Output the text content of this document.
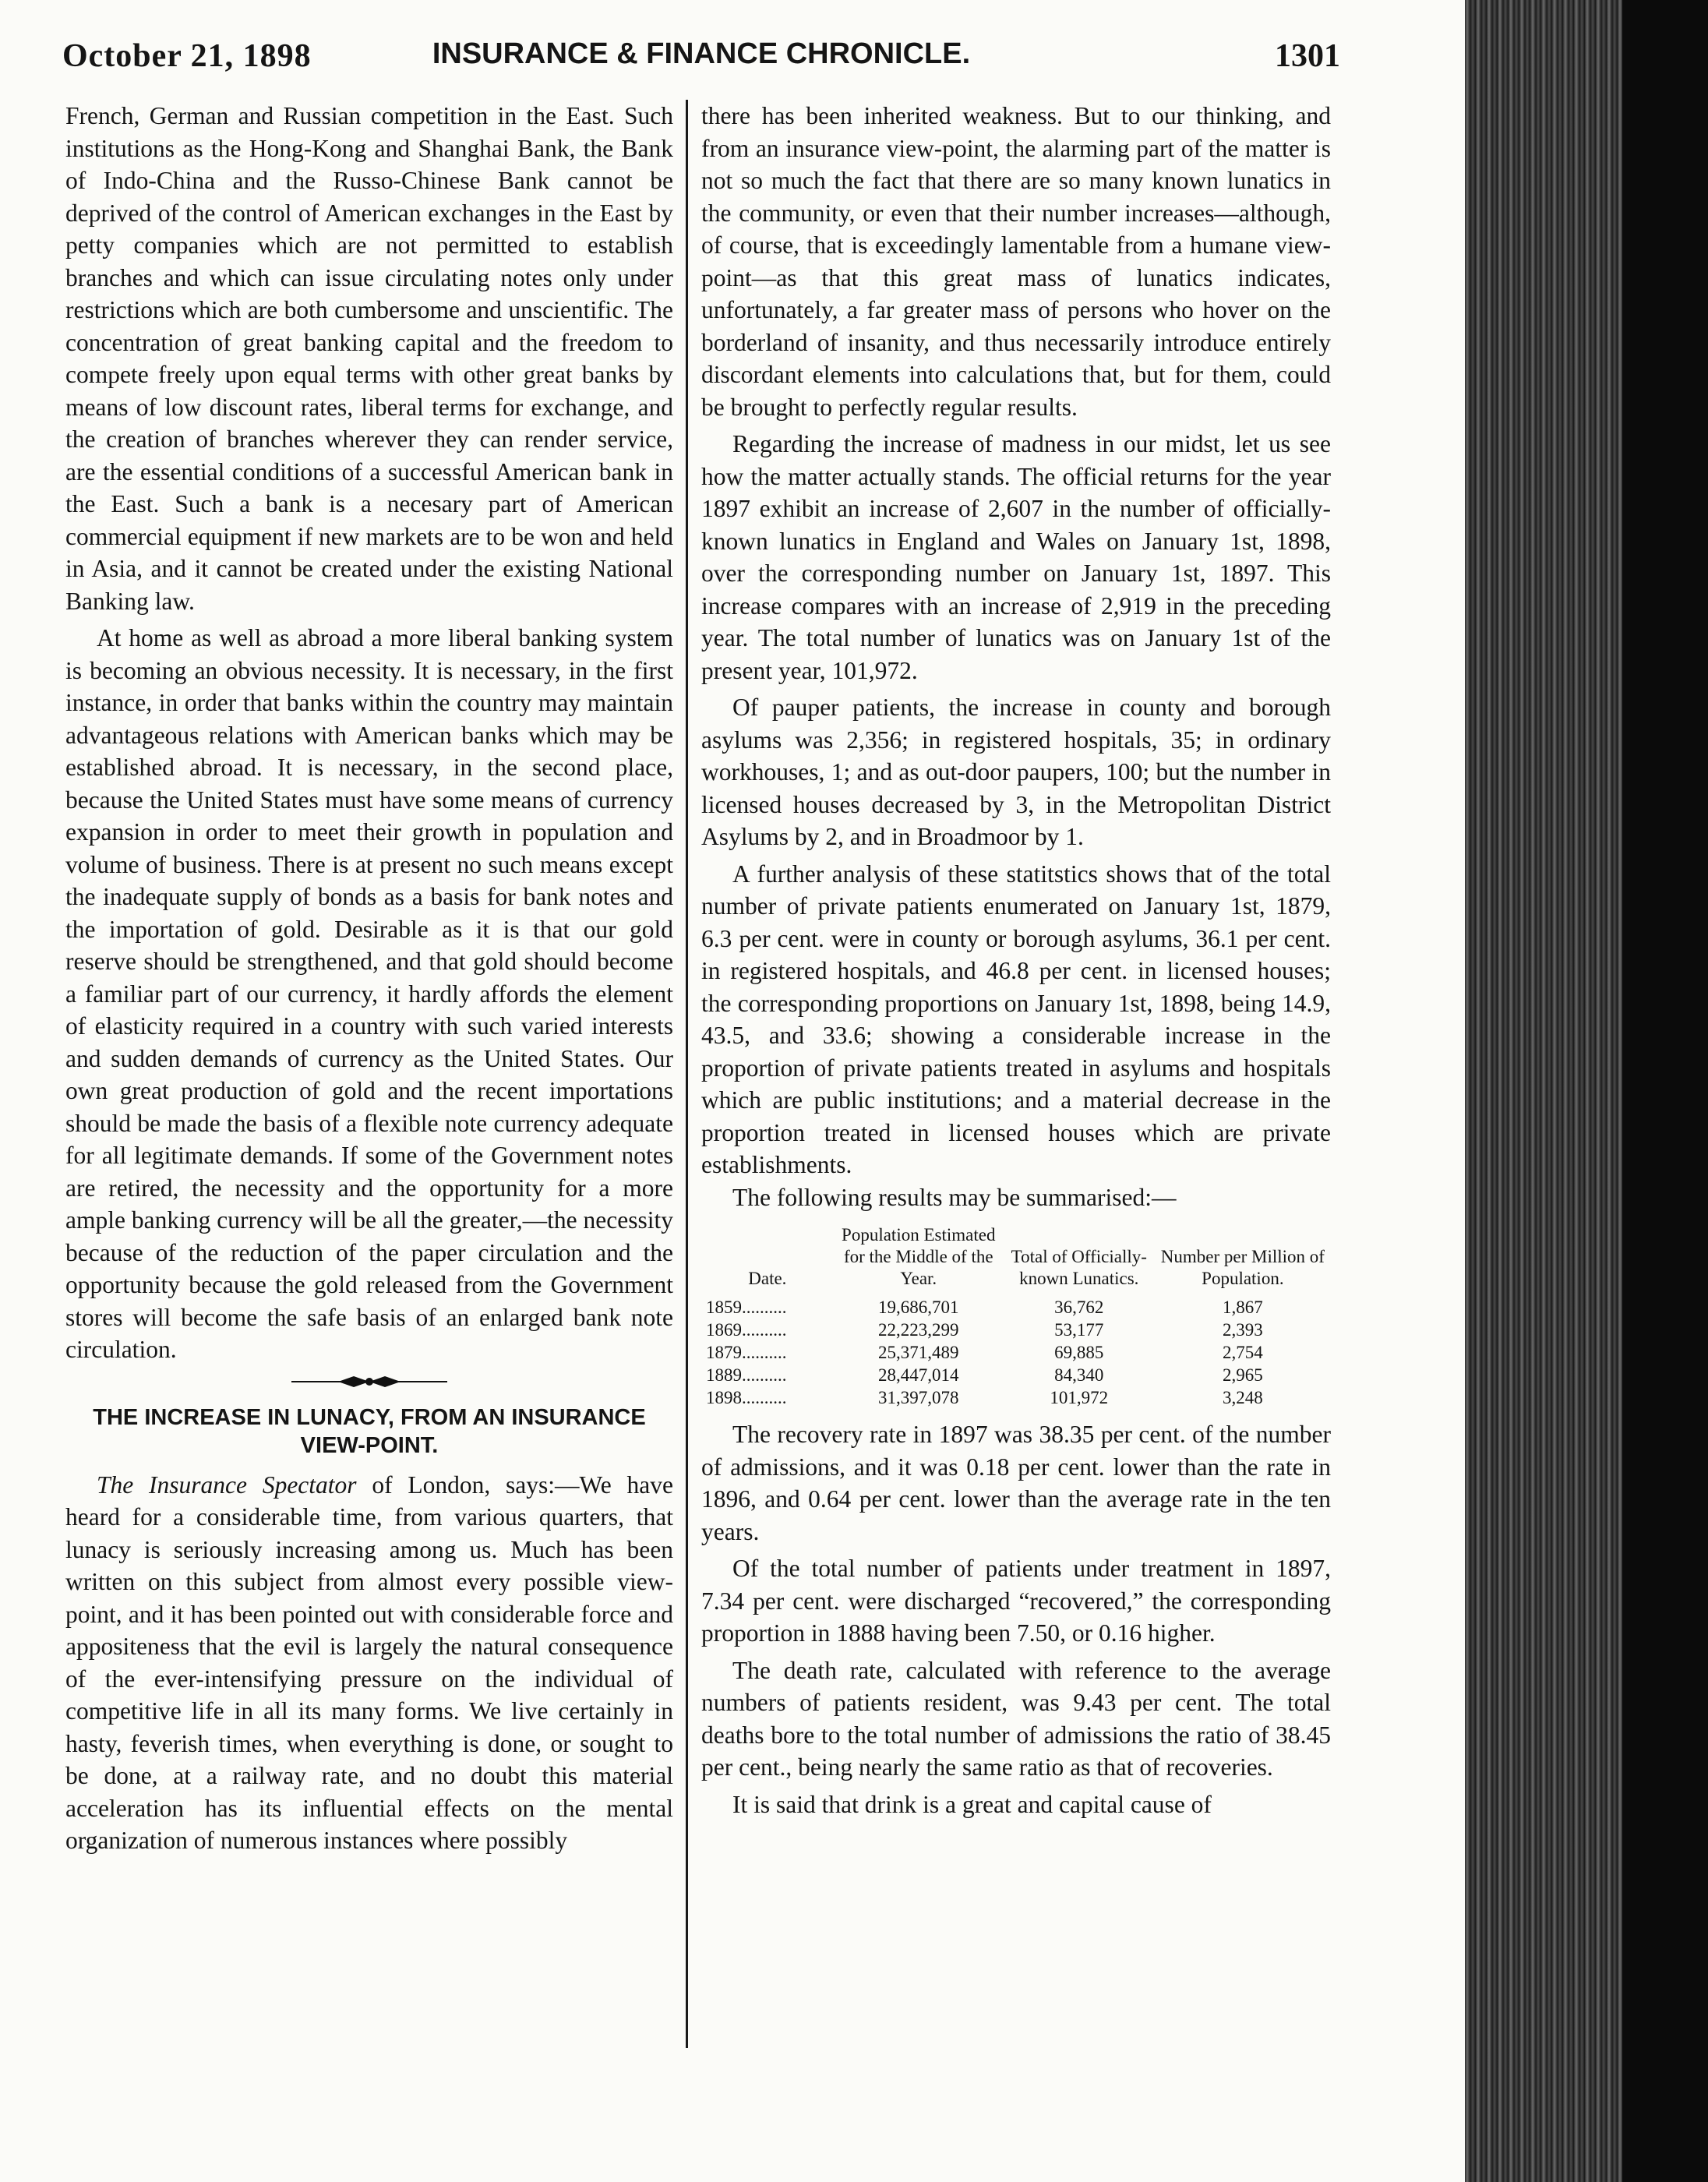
October 21, 1898	INSURANCE & FINANCE CHRONICLE.	1301

French, German and Russian competition in the East. Such institutions as the Hong-Kong and Shanghai Bank, the Bank of Indo-China and the Russo-Chinese Bank cannot be deprived of the control of American exchanges in the East by petty companies which are not permitted to establish branches and which can issue circulating notes only under restrictions which are both cumbersome and unscientific. The concentration of great banking capital and the freedom to compete freely upon equal terms with other great banks by means of low discount rates, liberal terms for exchange, and the creation of branches wherever they can render service, are the essential conditions of a successful American bank in the East. Such a bank is a necesary part of American commercial equipment if new markets are to be won and held in Asia, and it cannot be created under the existing National Banking law.

At home as well as abroad a more liberal banking system is becoming an obvious necessity. It is necessary, in the first instance, in order that banks within the country may maintain advantageous relations with American banks which may be established abroad. It is necessary, in the second place, because the United States must have some means of currency expansion in order to meet their growth in population and volume of business. There is at present no such means except the inadequate supply of bonds as a basis for bank notes and the importation of gold. Desirable as it is that our gold reserve should be strengthened, and that gold should become a familiar part of our currency, it hardly affords the element of elasticity required in a country with such varied interests and sudden demands of currency as the United States. Our own great production of gold and the recent importations should be made the basis of a flexible note currency adequate for all legitimate demands. If some of the Government notes are retired, the necessity and the opportunity for a more ample banking currency will be all the greater,—the necessity because of the reduction of the paper circulation and the opportunity because the gold released from the Government stores will become the safe basis of an enlarged bank note circulation.

THE INCREASE IN LUNACY, FROM AN INSURANCE VIEW-POINT.

The Insurance Spectator of London, says:—We have heard for a considerable time, from various quarters, that lunacy is seriously increasing among us. Much has been written on this subject from almost every possible view-point, and it has been pointed out with considerable force and appositeness that the evil is largely the natural consequence of the ever-intensifying pressure on the individual of competitive life in all its many forms. We live certainly in hasty, feverish times, when everything is done, or sought to be done, at a railway rate, and no doubt this material acceleration has its influential effects on the mental organization of numerous instances where possibly

there has been inherited weakness. But to our thinking, and from an insurance view-point, the alarming part of the matter is not so much the fact that there are so many known lunatics in the community, or even that their number increases—although, of course, that is exceedingly lamentable from a humane view-point—as that this great mass of lunatics indicates, unfortunately, a far greater mass of persons who hover on the borderland of insanity, and thus necessarily introduce entirely discordant elements into calculations that, but for them, could be brought to perfectly regular results.

Regarding the increase of madness in our midst, let us see how the matter actually stands. The official returns for the year 1897 exhibit an increase of 2,607 in the number of officially-known lunatics in England and Wales on January 1st, 1898, over the corresponding number on January 1st, 1897. This increase compares with an increase of 2,919 in the preceding year. The total number of lunatics was on January 1st of the present year, 101,972.

Of pauper patients, the increase in county and borough asylums was 2,356; in registered hospitals, 35; in ordinary workhouses, 1; and as out-door paupers, 100; but the number in licensed houses decreased by 3, in the Metropolitan District Asylums by 2, and in Broadmoor by 1.

A further analysis of these statitstics shows that of the total number of private patients enumerated on January 1st, 1879, 6.3 per cent. were in county or borough asylums, 36.1 per cent. in registered hospitals, and 46.8 per cent. in licensed houses; the corresponding proportions on January 1st, 1898, being 14.9, 43.5, and 33.6; showing a considerable increase in the proportion of private patients treated in asylums and hospitals which are public institutions; and a material decrease in the proportion treated in licensed houses which are private establishments.

The following results may be summarised:—

Date.	Population Estimated for the Middle of the Year.	Total of Officially-known Lunatics.	Number per Million of Population.
1859..........	19,686,701	36,762	1,867
1869..........	22,223,299	53,177	2,393
1879..........	25,371,489	69,885	2,754
1889..........	28,447,014	84,340	2,965
1898..........	31,397,078	101,972	3,248

The recovery rate in 1897 was 38.35 per cent. of the number of admissions, and it was 0.18 per cent. lower than the rate in 1896, and 0.64 per cent. lower than the average rate in the ten years.

Of the total number of patients under treatment in 1897, 7.34 per cent. were discharged “recovered,” the corresponding proportion in 1888 having been 7.50, or 0.16 higher.

The death rate, calculated with reference to the average numbers of patients resident, was 9.43 per cent. The total deaths bore to the total number of admissions the ratio of 38.45 per cent., being nearly the same ratio as that of recoveries.

It is said that drink is a great and capital cause of
